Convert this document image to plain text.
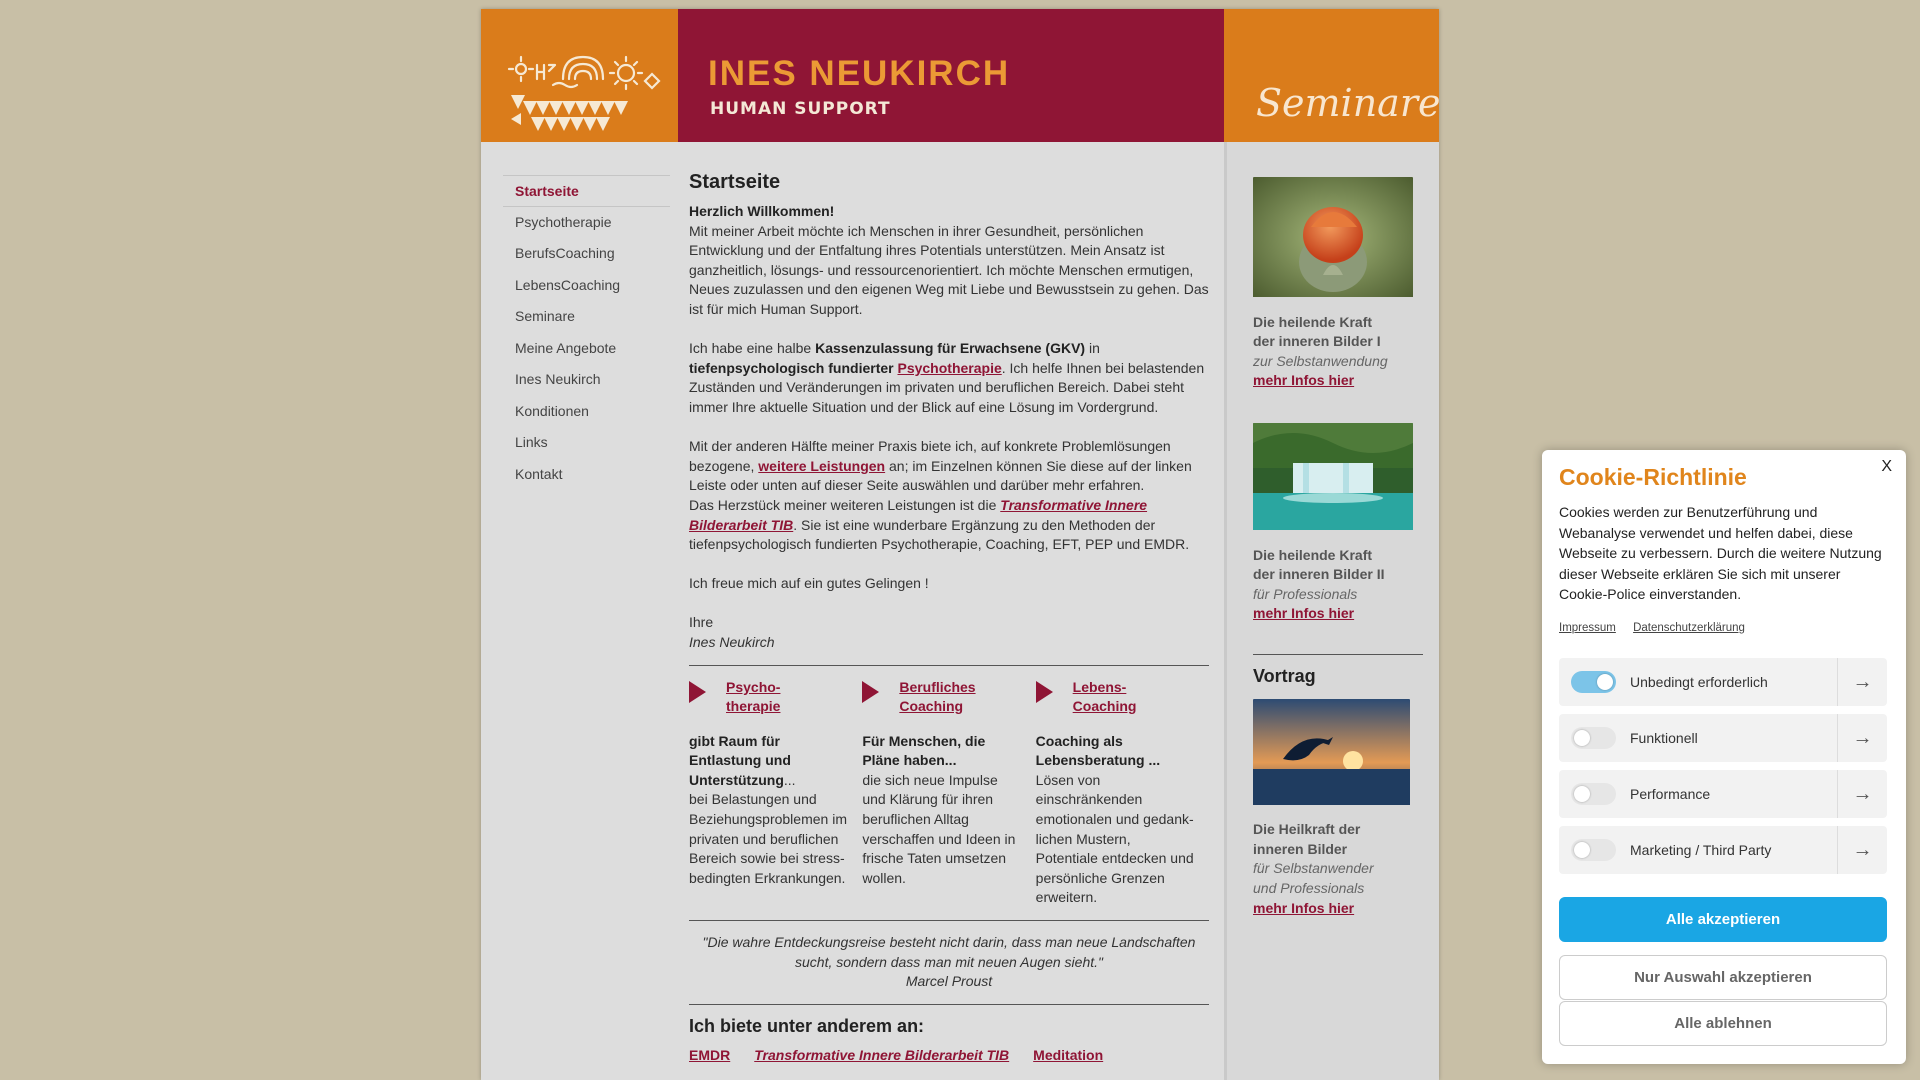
INES NEUKIRCH
HUMAN SUPPORT	Seminare
Startseite
Psychotherapie
BerufsCoaching
LebensCoaching
Seminare
Meine Angebote
Ines Neukirch
Konditionen
Links
Kontakt
Startseite
Herzlich Willkommen!

Mit meiner Arbeit möchte ich Menschen in ihrer Gesundheit, persönlichen Entwicklung und der Entfaltung ihres Potentials unterstützen. Mein Ansatz ist ganzheitlich, lösungs- und ressourcenorientiert. Ich möchte Menschen ermutigen, Neues zuzulassen und den eigenen Weg mit Liebe und Bewusstsein zu gehen. Das ist für mich Human Support.

Ich habe eine halbe Kassenzulassung für Erwachsene (GKV) in tiefenpsychologisch fundierter Psychotherapie. Ich helfe Ihnen bei belastenden Zuständen und Veränderungen im privaten und beruflichen Bereich. Dabei steht immer Ihre aktuelle Situation und der Blick auf eine Lösung im Vordergrund.

Mit der anderen Hälfte meiner Praxis biete ich, auf konkrete Problemlösungen bezogene, weitere Leistungen an; im Einzelnen können Sie diese auf der linken Leiste oder unten auf dieser Seite auswählen und darüber mehr erfahren.
Das Herzstück meiner weiteren Leistungen ist die Transformative Innere Bilderarbeit TIB. Sie ist eine wunderbare Ergänzung zu den Methoden der tiefenpsychologisch fundierten Psychotherapie, Coaching, EFT, PEP und EMDR.

Ich freue mich auf ein gutes Gelingen !

Ihre
Ines Neukirch
Psycho-
therapie
gibt Raum für Entlastung und Unterstützung...
bei Belastungen und Beziehungsproblemen im privaten und beruflichen Bereich sowie bei stress-bedingten Erkrankungen.
Berufliches
Coaching
Für Menschen, die Pläne haben...
die sich neue Impulse und Klärung für ihren beruflichen Alltag verschaffen und Ideen in frische Taten umsetzen wollen.
Lebens-
Coaching
Coaching als Lebensberatung ...
Lösen von einschränkenden emotionalen und gedank-lichen Mustern, Potentiale entdecken und persönliche Grenzen erweitern.
"Die wahre Entdeckungsreise besteht nicht darin, dass man neue Landschaften sucht, sondern dass man mit neuen Augen sieht."
Marcel Proust
Ich biete unter anderem an:
EMDR Transformative Innere Bilderarbeit TIB Meditation
Die heilende Kraft
der inneren Bilder I
zur Selbstanwendung
mehr Infos hier
Die heilende Kraft
der inneren Bilder II
für Professionals
mehr Infos hier
Vortrag
Die Heilkraft der
inneren Bilder
für Selbstanwender
und Professionals
mehr Infos hier
Cookie-Richtlinie	X
Cookies werden zur Benutzerführung und Webanalyse verwendet und helfen dabei, diese Webseite zu verbessern. Durch die weitere Nutzung dieser Webseite erklären Sie sich mit unserer Cookie-Police einverstanden.
Impressum Datenschutzerklärung
Unbedingt erforderlich	→
Funktionell	→
Performance	→
Marketing / Third Party	→
Alle akzeptieren
Nur Auswahl akzeptieren
Alle ablehnen
